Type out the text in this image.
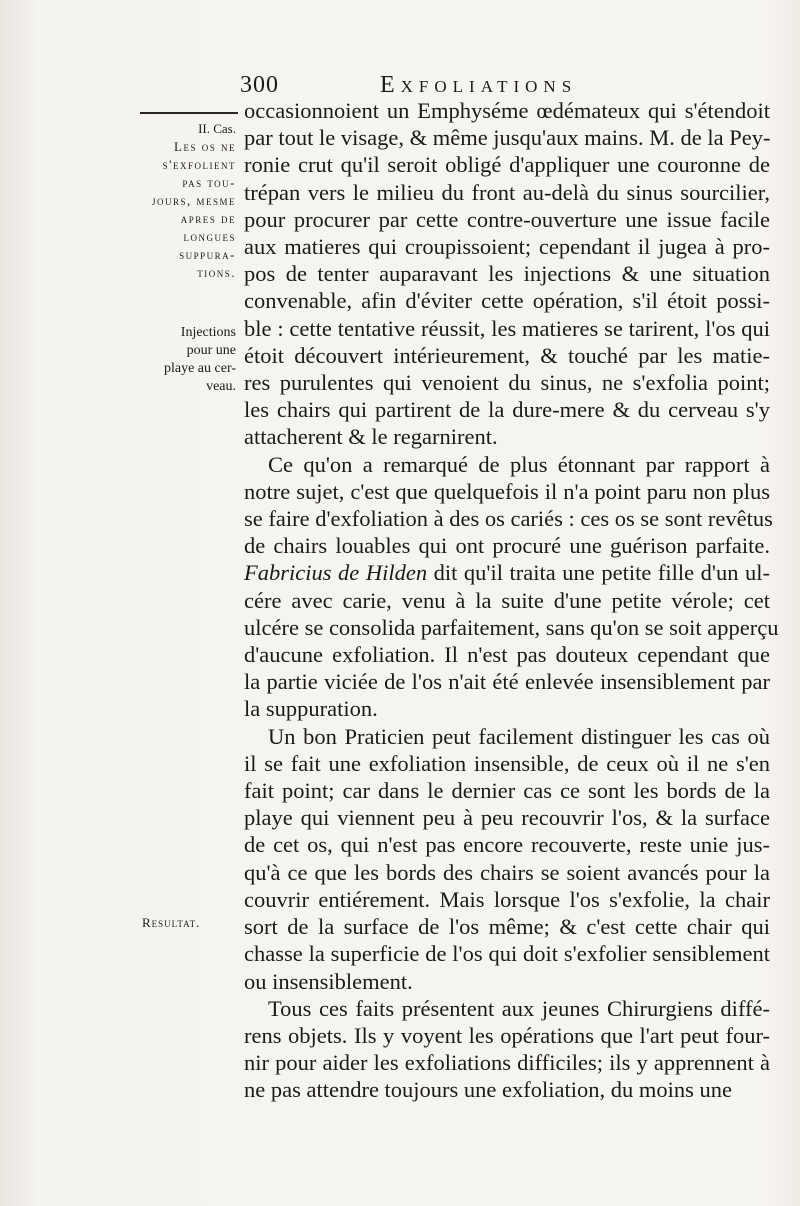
300	Exfoliations
II. Cas.
Les os ne
s'exfolient
pas tou-
jours, mesme
apres de
longues
suppura-
tions.
Injections
pour une
playe au cer-
veau.
Resultat.
occasionnoient un Emphyséme œdémateux qui s'étendoit
par tout le visage, & même jusqu'aux mains. M. de la Pey-
ronie crut qu'il seroit obligé d'appliquer une couronne de
trépan vers le milieu du front au-delà du sinus sourcilier,
pour procurer par cette contre-ouverture une issue facile
aux matieres qui croupissoient; cependant il jugea à pro-
pos de tenter auparavant les injections & une situation
convenable, afin d'éviter cette opération, s'il étoit possi-
ble : cette tentative réussit, les matieres se tarirent, l'os qui
étoit découvert intérieurement, & touché par les matie-
res purulentes qui venoient du sinus, ne s'exfolia point;
les chairs qui partirent de la dure-mere & du cerveau s'y
attacherent & le regarnirent.
Ce qu'on a remarqué de plus étonnant par rapport à
notre sujet, c'est que quelquefois il n'a point paru non plus
se faire d'exfoliation à des os cariés : ces os se sont revêtus
de chairs louables qui ont procuré une guérison parfaite.
Fabricius de Hilden dit qu'il traita une petite fille d'un ul-
cére avec carie, venu à la suite d'une petite vérole; cet
ulcére se consolida parfaitement, sans qu'on se soit apperçu
d'aucune exfoliation. Il n'est pas douteux cependant que
la partie viciée de l'os n'ait été enlevée insensiblement par
la suppuration.
Un bon Praticien peut facilement distinguer les cas où
il se fait une exfoliation insensible, de ceux où il ne s'en
fait point; car dans le dernier cas ce sont les bords de la
playe qui viennent peu à peu recouvrir l'os, & la surface
de cet os, qui n'est pas encore recouverte, reste unie jus-
qu'à ce que les bords des chairs se soient avancés pour la
couvrir entiérement. Mais lorsque l'os s'exfolie, la chair
sort de la surface de l'os même; & c'est cette chair qui
chasse la superficie de l'os qui doit s'exfolier sensiblement
ou insensiblement.
Tous ces faits présentent aux jeunes Chirurgiens diffé-
rens objets. Ils y voyent les opérations que l'art peut four-
nir pour aider les exfoliations difficiles; ils y apprennent à
ne pas attendre toujours une exfoliation, du moins une
